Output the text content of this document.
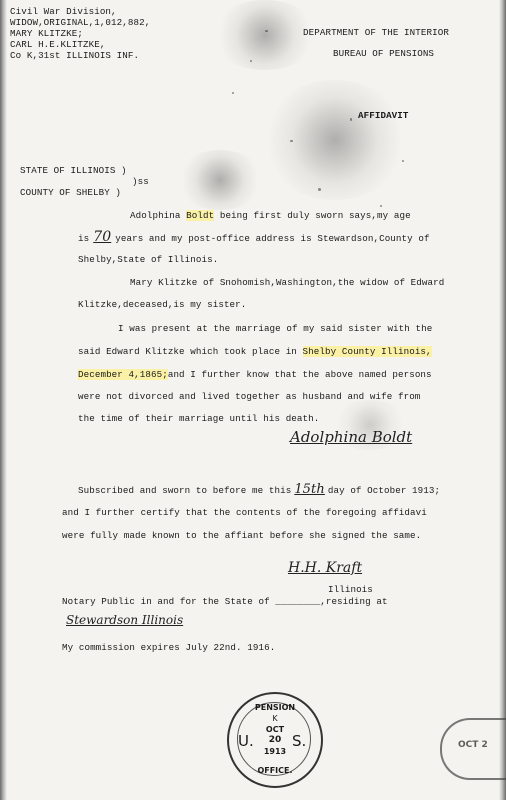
Civil War Division,
WIDOW,ORIGINAL,1,012,882,
MARY KLITZKE;
CARL H.E.KLITZKE,
Co K,31st ILLINOIS INF.
DEPARTMENT OF THE INTERIOR
BUREAU OF PENSIONS
AFFIDAVIT
STATE OF ILLINOIS )
)ss
COUNTY OF SHELBY )
Adolphina Boldt being first duly sworn says,my age
is 70 years and my post-office address is Stewardson,County of
Shelby,State of Illinois.
Mary Klitzke of Snohomish,Washington,the widow of Edward
Klitzke,deceased,is my sister.
I was present at the marriage of my said sister with the
said Edward Klitzke which took place in Shelby County Illinois,
December 4,1865;and I further know that the above named persons
were not divorced and lived together as husband and wife from
the time of their marriage until his death.
Adolphina Boldt
Subscribed and sworn to before me this 15th day of October 1913;
and I further certify that the contents of the foregoing affidavi
were fully made known to the affiant before she signed the same.
H.H. Kraft
Illinois
Notary Public in and for the State of ________,residing at
Stewardson Illinois
My commission expires July 22nd. 1916.
PENSION
K
OCT
20
1913
U.	S.
OFFICE.
OCT 2
